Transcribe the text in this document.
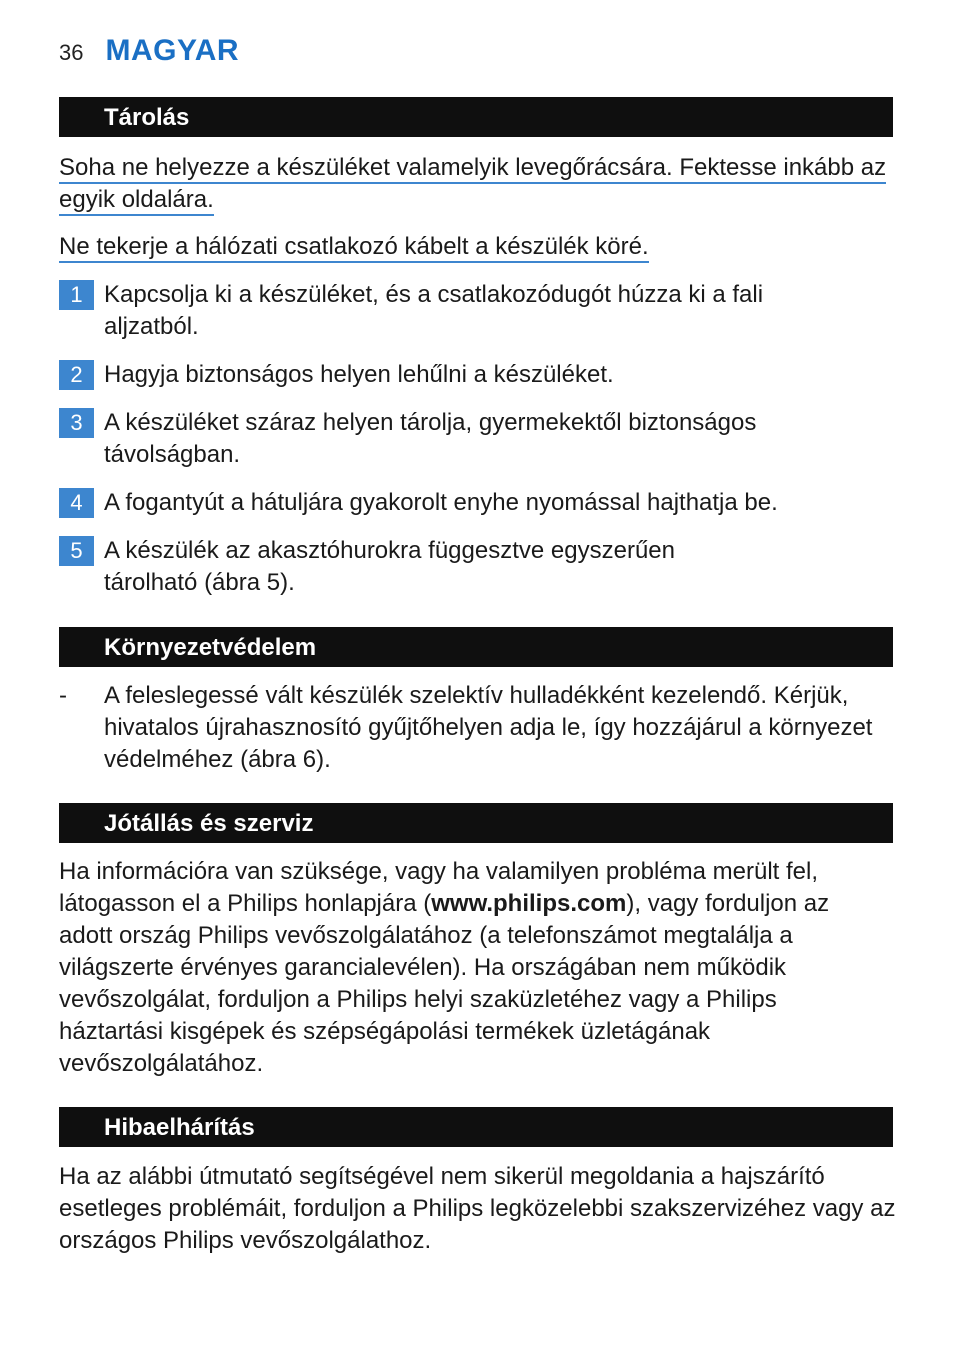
36 MAGYAR
Tárolás
Soha ne helyezze a készüléket valamelyik levegőrácsára. Fektesse inkább az egyik oldalára.
Ne tekerje a hálózati csatlakozó kábelt a készülék köré.
1 Kapcsolja ki a készüléket, és a csatlakozódugót húzza ki a fali aljzatból.
2 Hagyja biztonságos helyen lehűlni a készüléket.
3 A készüléket száraz helyen tárolja, gyermekektől biztonságos távolságban.
4 A fogantyút a hátuljára gyakorolt enyhe nyomással hajthatja be.
5 A készülék az akasztóhurokra függesztve egyszerűen tárolható (ábra 5).
Környezetvédelem
- A feleslegessé vált készülék szelektív hulladékként kezelendő. Kérjük, hivatalos újrahasznosító gyűjtőhelyen adja le, így hozzájárul a környezet védelméhez (ábra 6).
Jótállás és szerviz
Ha információra van szüksége, vagy ha valamilyen probléma merült fel, látogasson el a Philips honlapjára (www.philips.com), vagy forduljon az adott ország Philips vevőszolgálatához (a telefonszámot megtalálja a világszerte érvényes garancialevélen). Ha országában nem működik vevőszolgálat, forduljon a Philips helyi szaküzletéhez vagy a Philips háztartási kisgépek és szépségápolási termékek üzletágának vevőszolgálatához.
Hibaelhárítás
Ha az alábbi útmutató segítségével nem sikerül megoldania a hajszárító esetleges problémáit, forduljon a Philips legközelebbi szakszervizéhez vagy az országos Philips vevőszolgálathoz.
